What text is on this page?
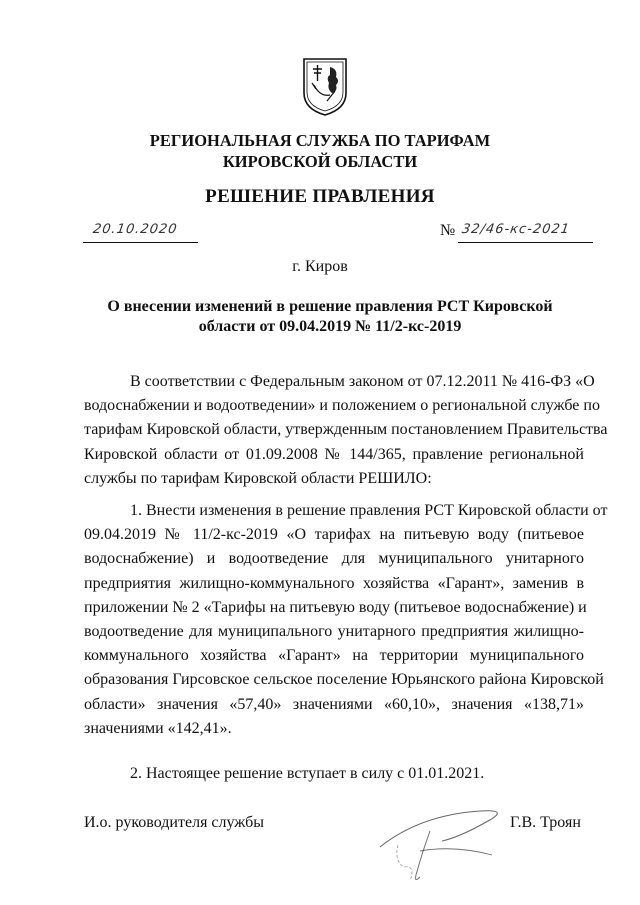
РЕГИОНАЛЬНАЯ СЛУЖБА ПО ТАРИФАМ
КИРОВСКОЙ ОБЛАСТИ
РЕШЕНИЕ ПРАВЛЕНИЯ
20.10.2020	№ 32/46-кс-2021
г. Киров
О внесении изменений в решение правления РСТ Кировской
области от 09.04.2019 № 11/2-кс-2019

В соответствии с Федеральным законом от 07.12.2011 № 416-ФЗ «О

водоснабжении и водоотведении» и положением о региональной службе по

тарифам Кировской области, утвержденным постановлением Правительства

Кировской области от 01.09.2008 № 144/365, правление региональной

службы по тарифам Кировской области РЕШИЛО:

1. Внести изменения в решение правления РСТ Кировской области от

09.04.2019 № 11/2-кс-2019 «О тарифах на питьевую воду (питьевое

водоснабжение) и водоотведение для муниципального унитарного

предприятия жилищно-коммунального хозяйства «Гарант», заменив в

приложении № 2 «Тарифы на питьевую воду (питьевое водоснабжение) и

водоотведение для муниципального унитарного предприятия жилищно-

коммунального хозяйства «Гарант» на территории муниципального

образования Гирсовское сельское поселение Юрьянского района Кировской

области» значения «57,40» значениями «60,10», значения «138,71»

значениями «142,41».

2. Настоящее решение вступает в силу с 01.01.2021.

И.о. руководителя службы	Г.В. Троян
